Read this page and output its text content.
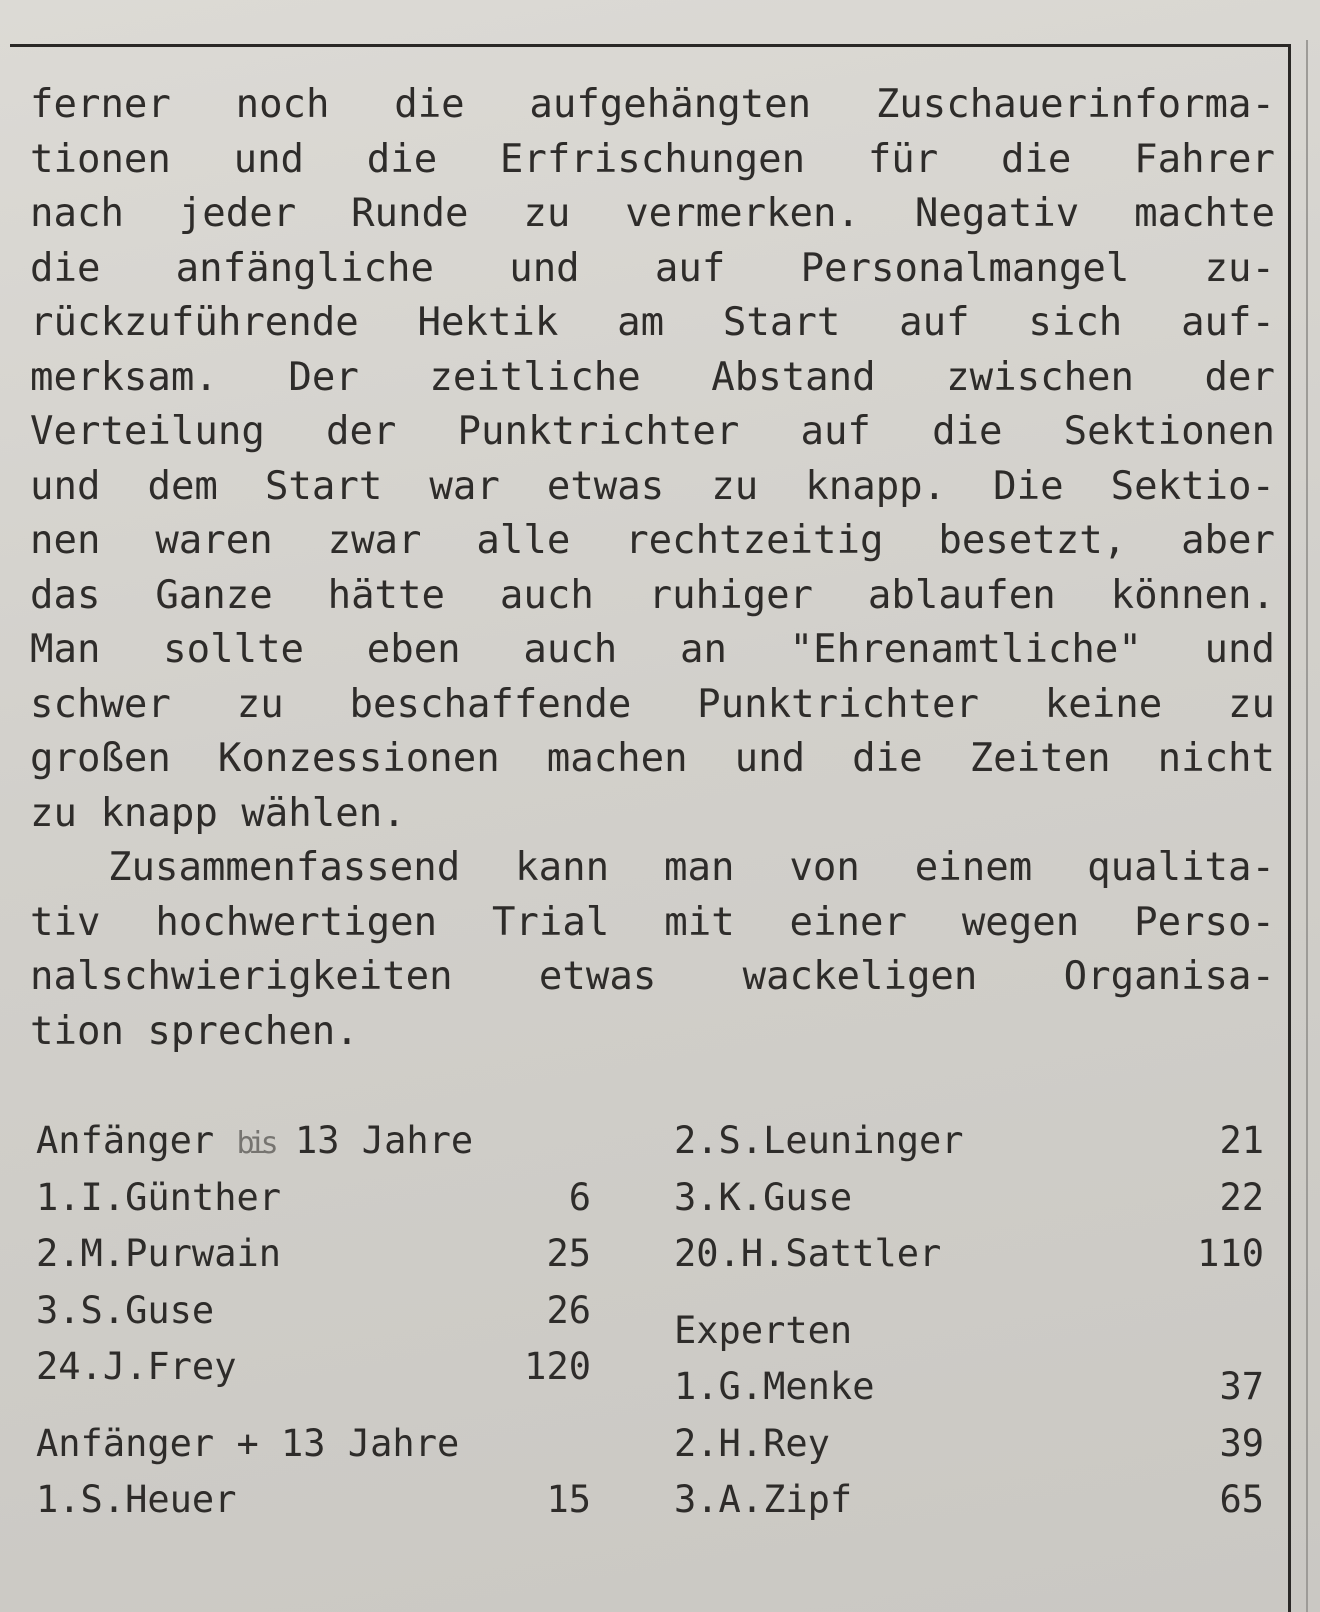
ferner noch die aufgehängten Zuschauerinforma-
tionen und die Erfrischungen für die Fahrer
nach jeder Runde zu vermerken. Negativ machte
die anfängliche und auf Personalmangel zu-
rückzuführende Hektik am Start auf sich auf-
merksam. Der zeitliche Abstand zwischen der
Verteilung der Punktrichter auf die Sektionen
und dem Start war etwas zu knapp. Die Sektio-
nen waren zwar alle rechtzeitig besetzt, aber
das Ganze hätte auch ruhiger ablaufen können.
Man sollte eben auch an "Ehrenamtliche" und
schwer zu beschaffende Punktrichter keine zu
großen Konzessionen machen und die Zeiten nicht
zu knapp wählen.
Zusammenfassend kann man von einem qualita-
tiv hochwertigen Trial mit einer wegen Perso-
nalschwierigkeiten etwas wackeligen Organisa-
tion sprechen.
Anfänger bis 13 Jahre
1.I.Günther	6
2.M.Purwain	25
3.S.Guse	26
24.J.Frey	120
Anfänger + 13 Jahre
1.S.Heuer	15
2.S.Leuninger	21
3.K.Guse	22
20.H.Sattler	110
Experten
1.G.Menke	37
2.H.Rey	39
3.A.Zipf	65
